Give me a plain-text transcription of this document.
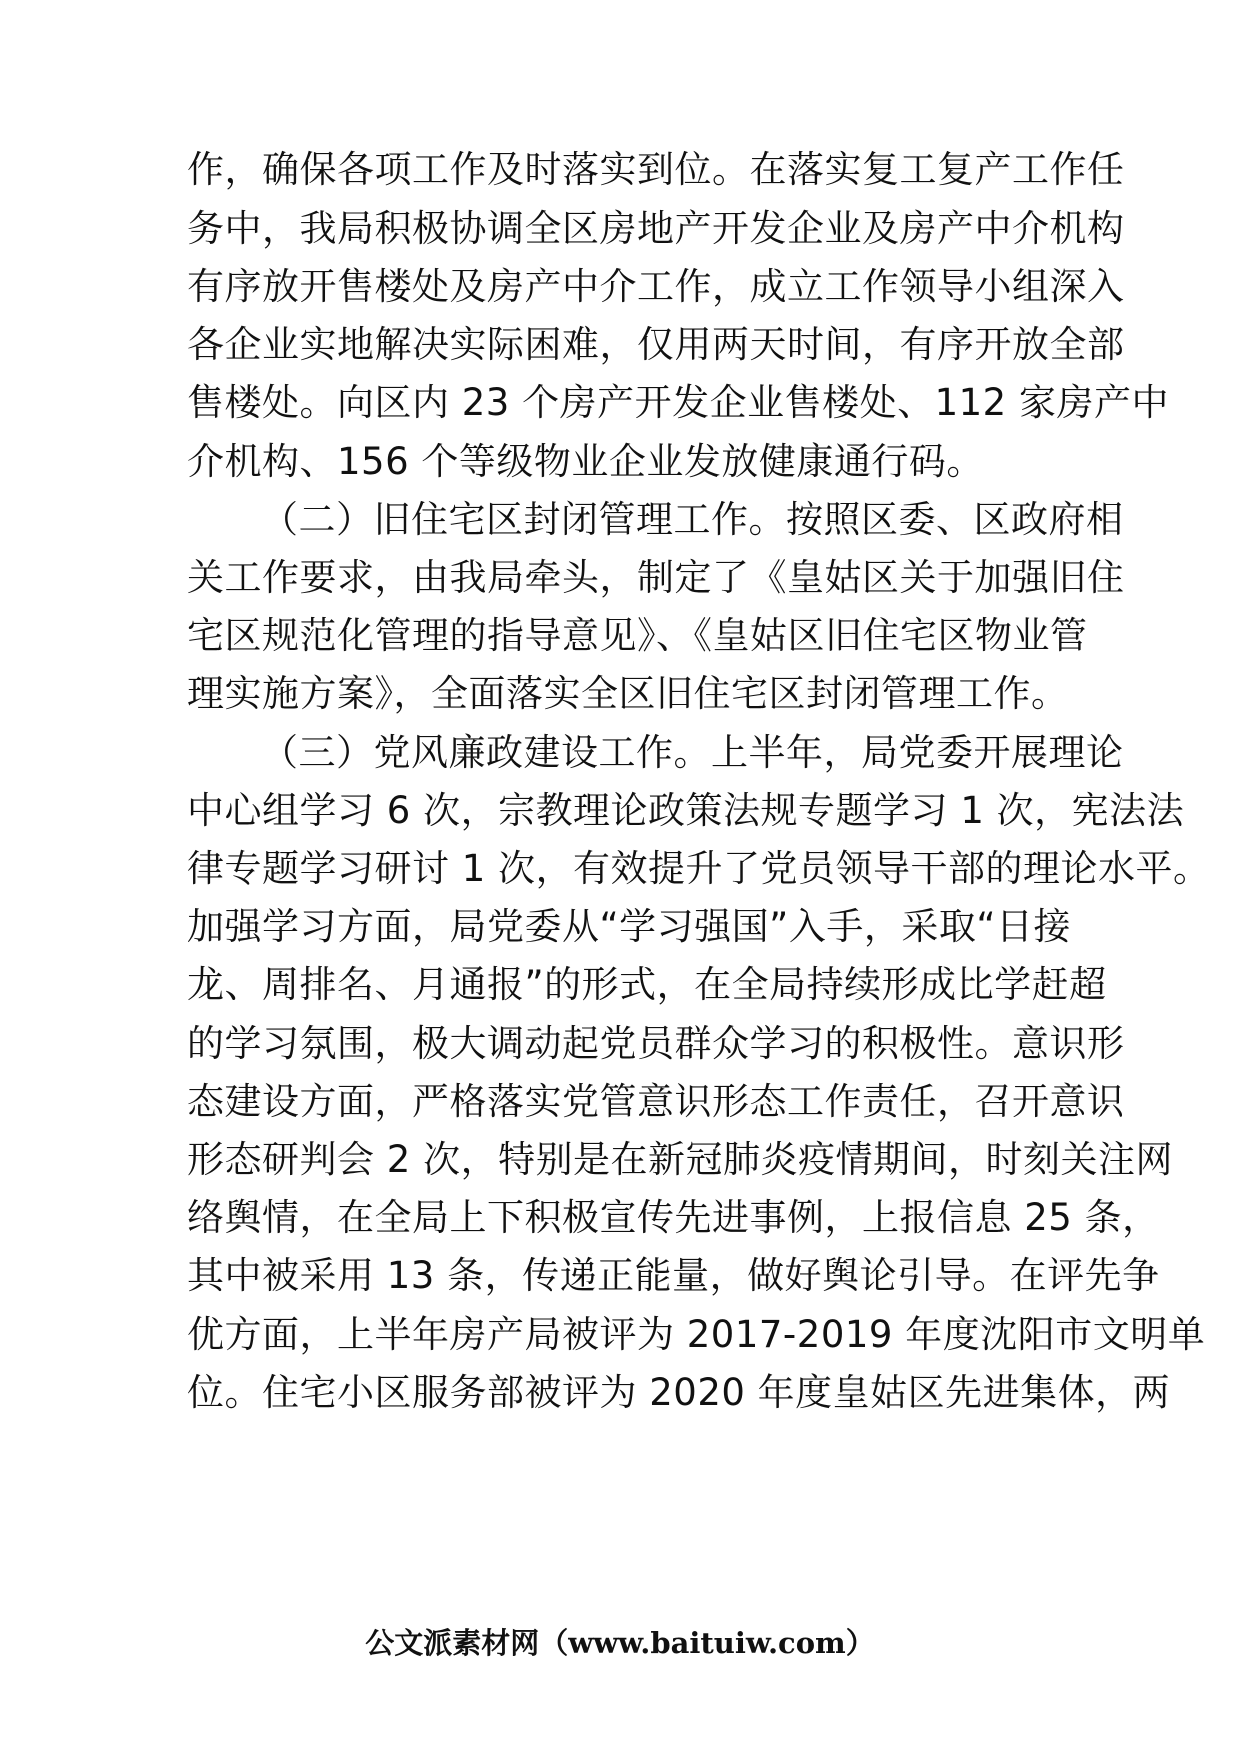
作，确保各项工作及时落实到位。在落实复工复产工作任
务中，我局积极协调全区房地产开发企业及房产中介机构
有序放开售楼处及房产中介工作，成立工作领导小组深入
各企业实地解决实际困难，仅用两天时间，有序开放全部
售楼处。向区内 23 个房产开发企业售楼处、112 家房产中
介机构、156 个等级物业企业发放健康通行码。
（二）旧住宅区封闭管理工作。按照区委、区政府相
关工作要求，由我局牵头，制定了《皇姑区关于加强旧住
宅区规范化管理的指导意见》、《皇姑区旧住宅区物业管
理实施方案》，全面落实全区旧住宅区封闭管理工作。
（三）党风廉政建设工作。上半年，局党委开展理论
中心组学习 6 次，宗教理论政策法规专题学习 1 次，宪法法
律专题学习研讨 1 次，有效提升了党员领导干部的理论水平。
加强学习方面，局党委从“学习强国”入手，采取“日接
龙、周排名、月通报”的形式，在全局持续形成比学赶超
的学习氛围，极大调动起党员群众学习的积极性。意识形
态建设方面，严格落实党管意识形态工作责任，召开意识
形态研判会 2 次，特别是在新冠肺炎疫情期间，时刻关注网
络舆情，在全局上下积极宣传先进事例，上报信息 25 条，
其中被采用 13 条，传递正能量，做好舆论引导。在评先争
优方面，上半年房产局被评为 2017-2019 年度沈阳市文明单
位。住宅小区服务部被评为 2020 年度皇姑区先进集体，两
公文派素材网（www.baituiw.com）
